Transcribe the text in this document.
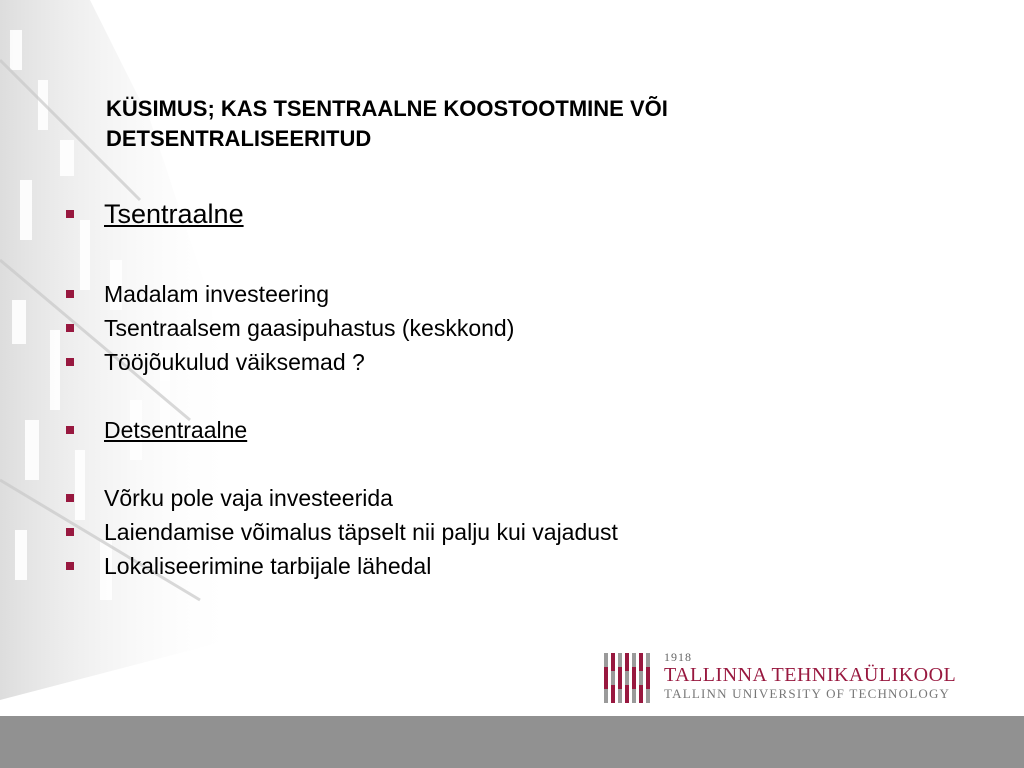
KÜSIMUS; KAS TSENTRAALNE KOOSTOOTMINE VÕI DETSENTRALISEERITUD
Tsentraalne
Madalam investeering
Tsentraalsem gaasipuhastus (keskkond)
Tööjõukulud väiksemad ?
Detsentraalne
Võrku pole vaja investeerida
Laiendamise võimalus täpselt nii palju kui vajadust
Lokaliseerimine tarbijale lähedal
1918
TALLINNA TEHNIKAÜLIKOOL
TALLINN UNIVERSITY OF TECHNOLOGY
